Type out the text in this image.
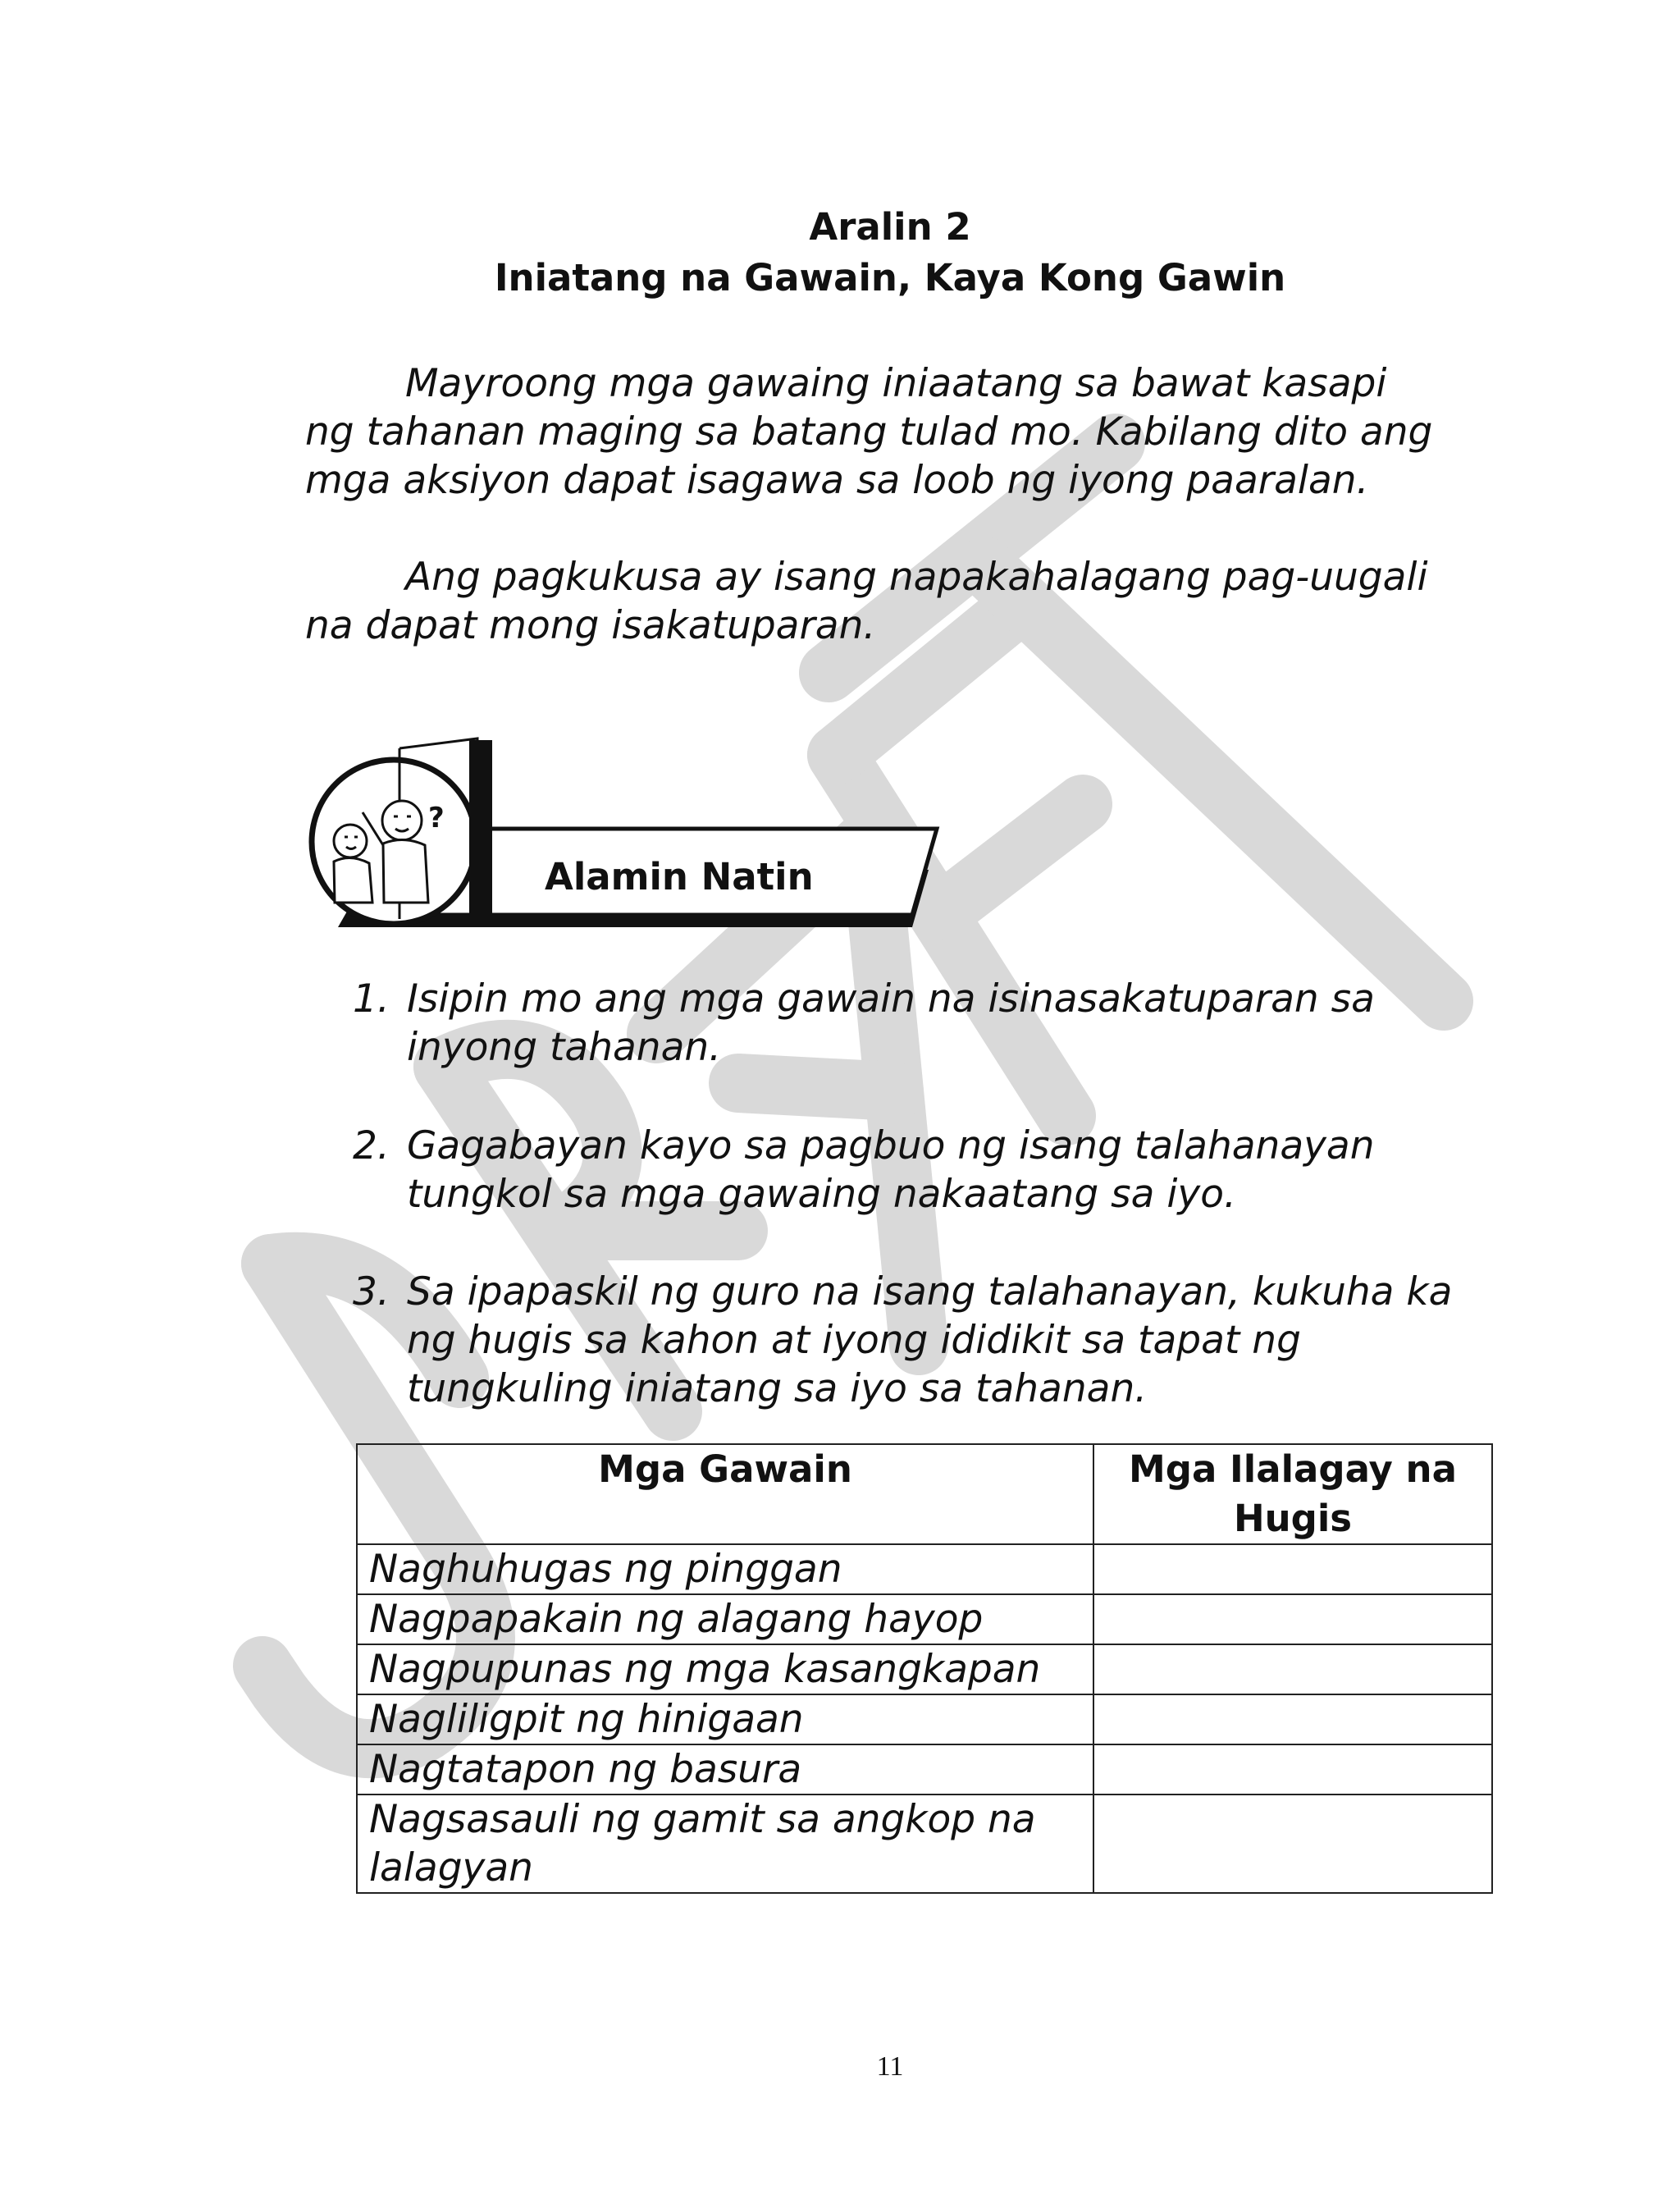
Aralin 2
Iniatang na Gawain, Kaya Kong Gawin
Mayroong mga gawaing iniaatang sa bawat kasapi
ng tahanan maging sa batang tulad mo. Kabilang dito ang
mga aksiyon dapat isagawa sa loob ng iyong paaralan.
Ang pagkukusa ay isang napakahalagang pag-uugali
na dapat mong isakatuparan.
?
Alamin Natin
1. Isipin mo ang mga gawain na isinasakatuparan sa
inyong tahanan.
2. Gagabayan kayo sa pagbuo ng isang talahanayan
tungkol sa mga gawaing nakaatang sa iyo.
3. Sa ipapaskil ng guro na isang talahanayan, kukuha ka
ng hugis sa kahon at iyong ididikit sa tapat ng
tungkuling iniatang sa iyo sa tahanan.
Mga Gawain	Mga Ilalagay na Hugis
Naghuhugas ng pinggan	
Nagpapakain ng alagang hayop	
Nagpupunas ng mga kasangkapan	
Nagliligpit ng hinigaan	
Nagtatapon ng basura	
Nagsasauli ng gamit sa angkop na lalagyan	
11
